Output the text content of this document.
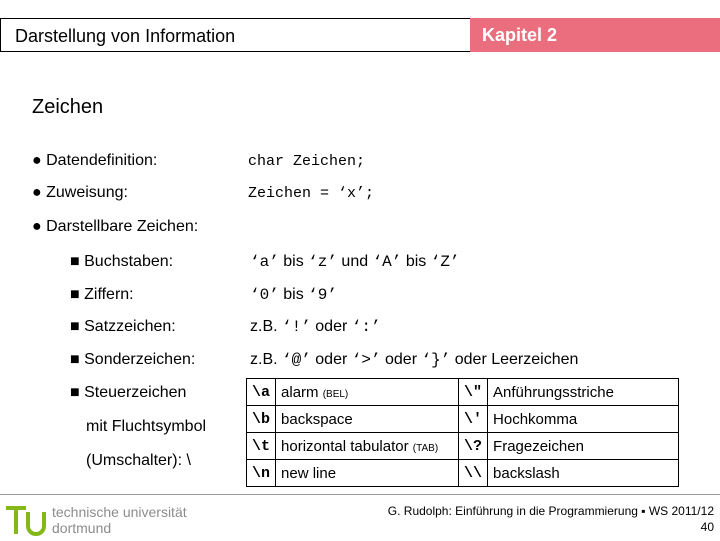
Darstellung von Information	Kapitel 2
Zeichen
● Datendefinition:	char Zeichen;
● Zuweisung:	Zeichen = ‘x’;
● Darstellbare Zeichen:
■ Buchstaben:	‘a’ bis ‘z’ und ‘A’ bis ‘Z’
■ Ziffern:	‘0’ bis ‘9’
■ Satzzeichen:	z.B. ‘!’ oder ‘:’
■ Sonderzeichen:	z.B. ‘@’ oder ‘>’ oder ‘}’ oder Leerzeichen
■ Steuerzeichen
mit Fluchtsymbol
(Umschalter): \
\a	alarm (BEL)	\"	Anführungsstriche
\b	backspace	\'	Hochkomma
\t	horizontal tabulator (TAB)	\?	Fragezeichen
\n	new line	\\	backslash
technische universität
dortmund
G. Rudolph: Einführung in die Programmierung ▪ WS 2011/12
40
